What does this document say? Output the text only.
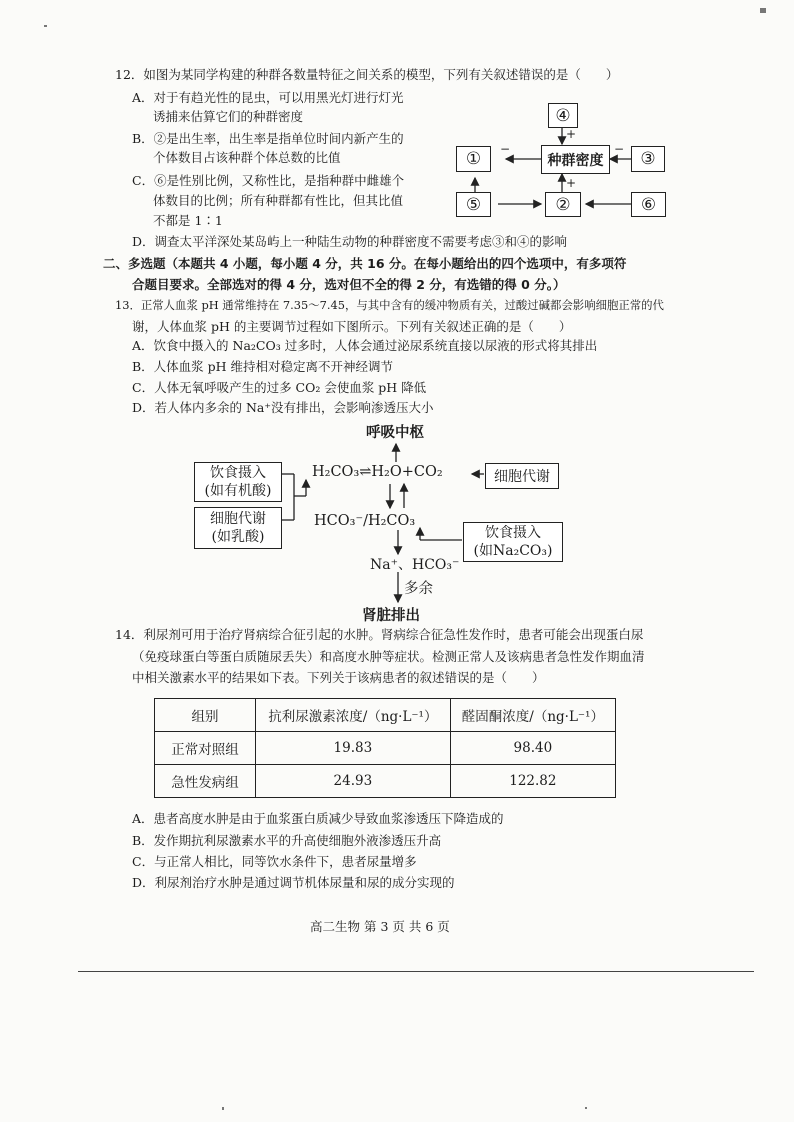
12．如图为某同学构建的种群各数量特征之间关系的模型，下列有关叙述错误的是（　　）
A．对于有趋光性的昆虫，可以用黑光灯进行灯光
诱捕来估算它们的种群密度
B．②是出生率，出生率是指单位时间内新产生的
个体数目占该种群个体总数的比值
C．⑥是性别比例，又称性比，是指种群中雌雄个
体数目的比例；所有种群都有性比，但其比值
不都是 1∶1
D．调查太平洋深处某岛屿上一种陆生动物的种群密度不需要考虑③和④的影响
④
①	种群密度	③
⑤	②	⑥
+
−	−
+
二、多选题（本题共 4 小题，每小题 4 分，共 16 分。在每小题给出的四个选项中，有多项符
合题目要求。全部选对的得 4 分，选对但不全的得 2 分，有选错的得 0 分。）
13．正常人血浆 pH 通常维持在 7.35～7.45，与其中含有的缓冲物质有关，过酸过碱都会影响细胞正常的代
谢，人体血浆 pH 的主要调节过程如下图所示。下列有关叙述正确的是（　　）
A．饮食中摄入的 Na₂CO₃ 过多时，人体会通过泌尿系统直接以尿液的形式将其排出
B．人体血浆 pH 维持相对稳定离不开神经调节
C．人体无氧呼吸产生的过多 CO₂ 会使血浆 pH 降低
D．若人体内多余的 Na⁺没有排出，会影响渗透压大小
呼吸中枢
H₂CO₃⇌H₂O+CO₂
饮食摄入
(如有机酸)
细胞代谢
(如乳酸)
细胞代谢
HCO₃⁻/H₂CO₃
饮食摄入
(如Na₂CO₃)
Na⁺、HCO₃⁻
多余
肾脏排出
14．利尿剂可用于治疗肾病综合征引起的水肿。肾病综合征急性发作时，患者可能会出现蛋白尿
（免疫球蛋白等蛋白质随尿丢失）和高度水肿等症状。检测正常人及该病患者急性发作期血清
中相关激素水平的结果如下表。下列关于该病患者的叙述错误的是（　　）
组别	抗利尿激素浓度/（ng·L⁻¹）	醛固酮浓度/（ng·L⁻¹）
正常对照组	19.83	98.40
急性发病组	24.93	122.82
A．患者高度水肿是由于血浆蛋白质减少导致血浆渗透压下降造成的
B．发作期抗利尿激素水平的升高使细胞外液渗透压升高
C．与正常人相比，同等饮水条件下，患者尿量增多
D．利尿剂治疗水肿是通过调节机体尿量和尿的成分实现的
高二生物 第 3 页 共 6 页
